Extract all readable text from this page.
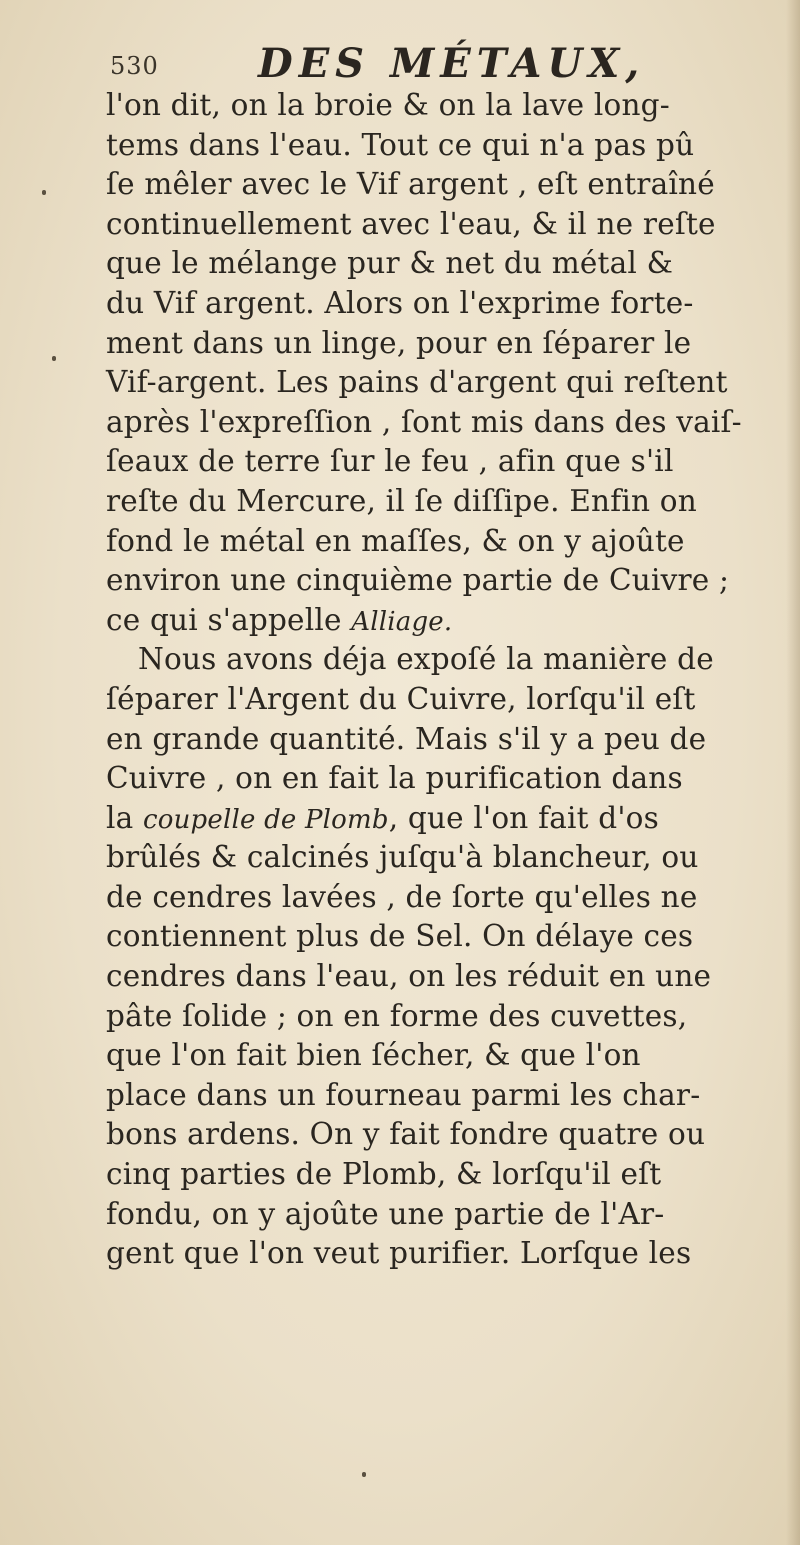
530 DES MÉTAUX,
l'on dit, on la broie & on la lave long-
tems dans l'eau. Tout ce qui n'a pas pû
ſe mêler avec le Vif argent , eſt entraîné
continuellement avec l'eau, & il ne reſte
que le mélange pur & net du métal &
du Vif argent. Alors on l'exprime forte-
ment dans un linge, pour en ſéparer le
Vif-argent. Les pains d'argent qui reſtent
après l'expreſſion , ſont mis dans des vaiſ-
ſeaux de terre ſur le feu , afin que s'il
reſte du Mercure, il ſe diſſipe. Enfin on
fond le métal en maſſes, & on y ajoûte
environ une cinquième partie de Cuivre ;
ce qui s'appelle Alliage.
Nous avons déja expoſé la manière de
ſéparer l'Argent du Cuivre, lorſqu'il eſt
en grande quantité. Mais s'il y a peu de
Cuivre , on en fait la purification dans
la coupelle de Plomb, que l'on fait d'os
brûlés & calcinés juſqu'à blancheur, ou
de cendres lavées , de ſorte qu'elles ne
contiennent plus de Sel. On délaye ces
cendres dans l'eau, on les réduit en une
pâte ſolide ; on en forme des cuvettes,
que l'on fait bien ſécher, & que l'on
place dans un fourneau parmi les char-
bons ardens. On y fait fondre quatre ou
cinq parties de Plomb, & lorſqu'il eſt
fondu, on y ajoûte une partie de l'Ar-
gent que l'on veut purifier. Lorſque les
